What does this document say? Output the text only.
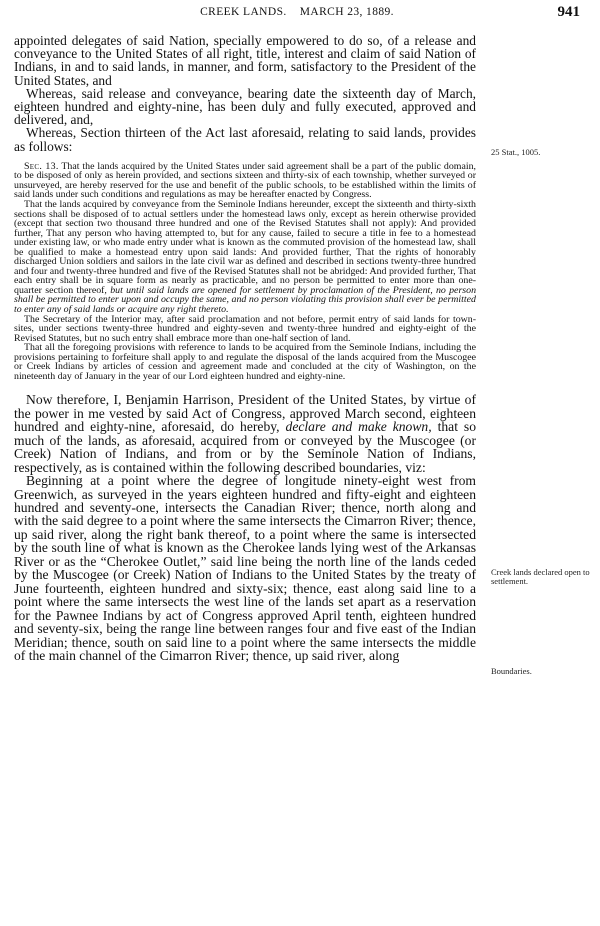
CREEK LANDS.    MARCH 23, 1889.	941
25 Stat., 1005.
Creek lands declared open to settlement.
Boundaries.

appointed delegates of said Nation, specially empowered to do so, of a release and conveyance to the United States of all right, title, interest and claim of said Nation of Indians, in and to said lands, in manner, and form, satisfactory to the President of the United States, and

Whereas, said release and conveyance, bearing date the sixteenth day of March, eighteen hundred and eighty-nine, has been duly and fully executed, approved and delivered, and,

Whereas, Section thirteen of the Act last aforesaid, relating to said lands, provides as follows:

Sec. 13. That the lands acquired by the United States under said agreement shall be a part of the public domain, to be disposed of only as herein provided, and sections sixteen and thirty-six of each township, whether surveyed or unsurveyed, are hereby reserved for the use and benefit of the public schools, to be established within the limits of said lands under such conditions and regulations as may be hereafter enacted by Congress.

That the lands acquired by conveyance from the Seminole Indians hereunder, except the sixteenth and thirty-sixth sections shall be disposed of to actual settlers under the homestead laws only, except as herein otherwise provided (except that section two thousand three hundred and one of the Revised Statutes shall not apply): And provided further, That any person who having attempted to, but for any cause, failed to secure a title in fee to a homestead under existing law, or who made entry under what is known as the commuted provision of the homestead law, shall be qualified to make a homestead entry upon said lands: And provided further, That the rights of honorably discharged Union soldiers and sailors in the late civil war as defined and described in sections twenty-three hundred and four and twenty-three hundred and five of the Revised Statutes shall not be abridged: And provided further, That each entry shall be in square form as nearly as practicable, and no person be permitted to enter more than one-quarter section thereof, but until said lands are opened for settlement by proclamation of the President, no person shall be permitted to enter upon and occupy the same, and no person violating this provision shall ever be permitted to enter any of said lands or acquire any right thereto.

The Secretary of the Interior may, after said proclamation and not before, permit entry of said lands for town-sites, under sections twenty-three hundred and eighty-seven and twenty-three hundred and eighty-eight of the Revised Statutes, but no such entry shall embrace more than one-half section of land.

That all the foregoing provisions with reference to lands to be acquired from the Seminole Indians, including the provisions pertaining to forfeiture shall apply to and regulate the disposal of the lands acquired from the Muscogee or Creek Indians by articles of cession and agreement made and concluded at the city of Washington, on the nineteenth day of January in the year of our Lord eighteen hundred and eighty-nine.

Now therefore, I, Benjamin Harrison, President of the United States, by virtue of the power in me vested by said Act of Congress, approved March second, eighteen hundred and eighty-nine, aforesaid, do hereby, declare and make known, that so much of the lands, as aforesaid, acquired from or conveyed by the Muscogee (or Creek) Nation of Indians, and from or by the Seminole Nation of Indians, respectively, as is contained within the following described boundaries, viz:

Beginning at a point where the degree of longitude ninety-eight west from Greenwich, as surveyed in the years eighteen hundred and fifty-eight and eighteen hundred and seventy-one, intersects the Canadian River; thence, north along and with the said degree to a point where the same intersects the Cimarron River; thence, up said river, along the right bank thereof, to a point where the same is intersected by the south line of what is known as the Cherokee lands lying west of the Arkansas River or as the “Cherokee Outlet,” said line being the north line of the lands ceded by the Muscogee (or Creek) Nation of Indians to the United States by the treaty of June fourteenth, eighteen hundred and sixty-six; thence, east along said line to a point where the same intersects the west line of the lands set apart as a reservation for the Pawnee Indians by act of Congress approved April tenth, eighteen hundred and seventy-six, being the range line between ranges four and five east of the Indian Meridian; thence, south on said line to a point where the same intersects the middle of the main channel of the Cimarron River; thence, up said river, along
